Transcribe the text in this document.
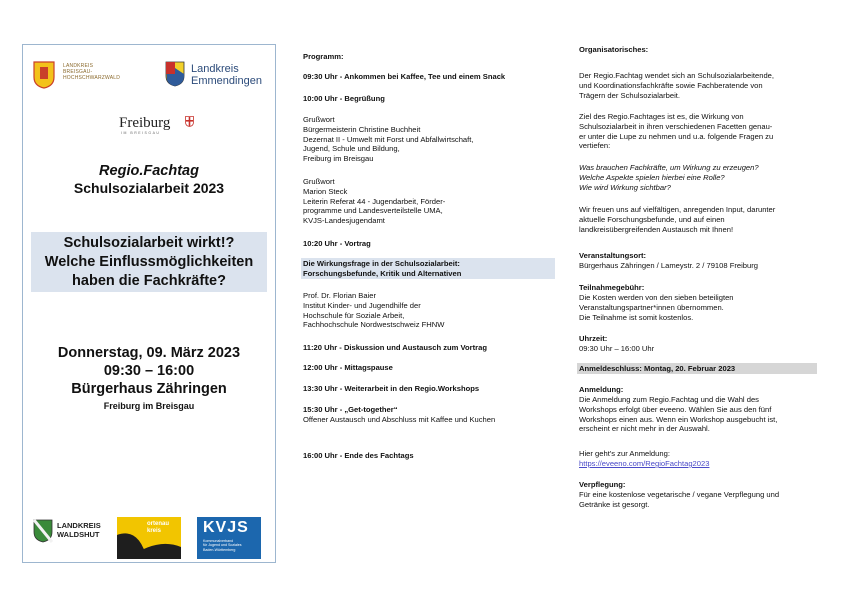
LANDKREIS
BREISGAU-
HOCHSCHWARZWALD
Landkreis
Emmendingen
Freiburg
IM BREISGAU
Regio.Fachtag
Schulsozialarbeit 2023
Schulsozialarbeit wirkt!?
Welche Einflussmöglichkeiten
haben die Fachkräfte?
Donnerstag, 09. März 2023
09:30 – 16:00
Bürgerhaus Zähringen
Freiburg im Breisgau
LANDKREIS
WALDSHUT
ortenau
kreis	KVJS
Kommunalverband
für Jugend und Soziales
Baden-Württemberg
Programm:
09:30 Uhr - Ankommen bei Kaffee, Tee und einem Snack
10:00 Uhr - Begrüßung
Grußwort
Bürgermeisterin Christine Buchheit
Dezernat II - Umwelt mit Forst und Abfallwirtschaft,
Jugend, Schule und Bildung,
Freiburg im Breisgau
Grußwort
Marion Steck
Leiterin Referat 44 - Jugendarbeit, Förder-
programme und Landesverteilstelle UMA,
KVJS-Landesjugendamt
10:20 Uhr - Vortrag
Die Wirkungsfrage in der Schulsozialarbeit:
Forschungsbefunde, Kritik und Alternativen
Prof. Dr. Florian Baier
Institut Kinder- und Jugendhilfe der
Hochschule für Soziale Arbeit,
Fachhochschule Nordwestschweiz FHNW
11:20 Uhr - Diskussion und Austausch zum Vortrag
12:00 Uhr - Mittagspause
13:30 Uhr - Weiterarbeit in den Regio.Workshops
15:30 Uhr - „Get-together“
Offener Austausch und Abschluss mit Kaffee und Kuchen
16:00 Uhr - Ende des Fachtags
Organisatorisches:
Der Regio.Fachtag wendet sich an Schulsozialarbeitende,
und Koordinationsfachkräfte sowie Fachberatende von
Trägern der Schulsozialarbeit.
Ziel des Regio.Fachtages ist es, die Wirkung von
Schulsozialarbeit in ihren verschiedenen Facetten genau-
er unter die Lupe zu nehmen und u.a. folgende Fragen zu
vertiefen:
Was brauchen Fachkräfte, um Wirkung zu erzeugen?
Welche Aspekte spielen hierbei eine Rolle?
Wie wird Wirkung sichtbar?
Wir freuen uns auf vielfältigen, anregenden Input, darunter
aktuelle Forschungsbefunde, und auf einen
landkreisübergreifenden Austausch mit Ihnen!
Veranstaltungsort:
Bürgerhaus Zähringen / Lameystr. 2 / 79108 Freiburg
Teilnahmegebühr:
Die Kosten werden von den sieben beteiligten
Veranstaltungspartner*innen übernommen.
Die Teilnahme ist somit kostenlos.
Uhrzeit:
09:30 Uhr – 16:00 Uhr
Anmeldeschluss: Montag, 20. Februar 2023
Anmeldung:
Die Anmeldung zum Regio.Fachtag und die Wahl des
Workshops erfolgt über eveeno. Wählen Sie aus den fünf
Workshops einen aus. Wenn ein Workshop ausgebucht ist,
erscheint er nicht mehr in der Auswahl.
Hier geht's zur Anmeldung:
https://eveeno.com/RegioFachtag2023
Verpflegung:
Für eine kostenlose vegetarische / vegane Verpflegung und
Getränke ist gesorgt.
